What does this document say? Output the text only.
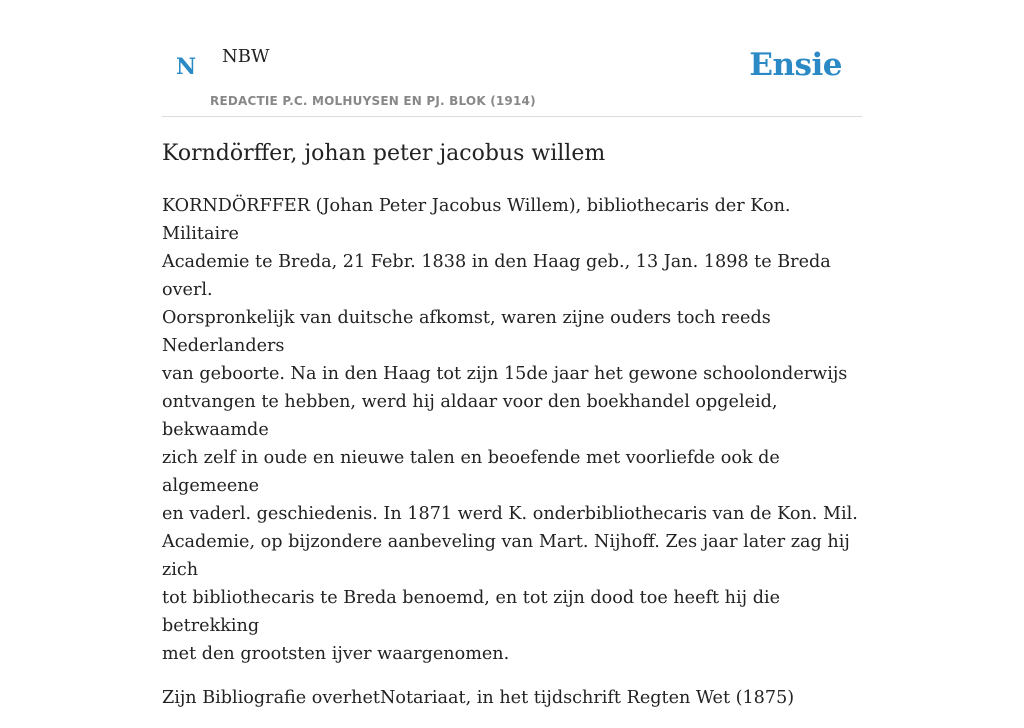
N NBW
REDACTIE P.C. MOLHUYSEN EN PJ. BLOK (1914)
Ensie
Korndörffer, johan peter jacobus willem

KORNDÖRFFER (Johan Peter Jacobus Willem), bibliothecaris der Kon. Militaire
Academie te Breda, 21 Febr. 1838 in den Haag geb., 13 Jan. 1898 te Breda overl.
Oorspronkelijk van duitsche afkomst, waren zijne ouders toch reeds Nederlanders
van geboorte. Na in den Haag tot zijn 15de jaar het gewone schoolonderwijs
ontvangen te hebben, werd hij aldaar voor den boekhandel opgeleid, bekwaamde
zich zelf in oude en nieuwe talen en beoefende met voorliefde ook de algemeene
en vaderl. geschiedenis. In 1871 werd K. onderbibliothecaris van de Kon. Mil.
Academie, op bijzondere aanbeveling van Mart. Nijhoff. Zes jaar later zag hij zich
tot bibliothecaris te Breda benoemd, en tot zijn dood toe heeft hij die betrekking
met den grootsten ijver waargenomen.

Zijn Bibliografie overhetNotariaat, in het tijdschrift Regten Wet (1875)
